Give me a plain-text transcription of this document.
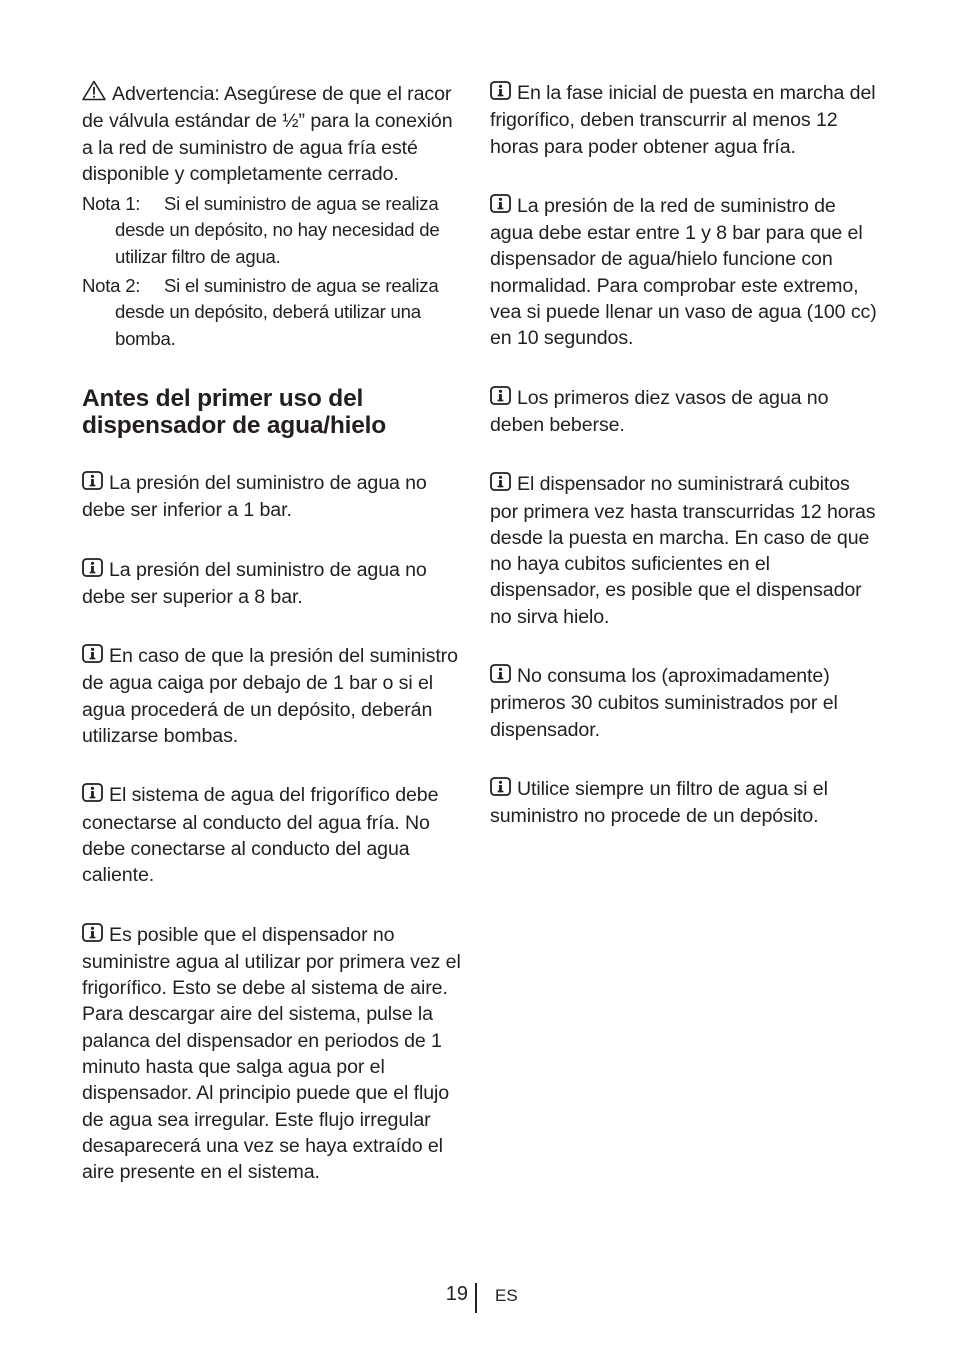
Advertencia: Asegúrese de que el racor de válvula estándar de ½” para la conexión a la red de suministro de agua fría esté disponible y completamente cerrado.

Nota 1:	Si el suministro de agua se realiza desde un depósito, no hay necesidad de utilizar filtro de agua.
Nota 2:	Si el suministro de agua se realiza desde un depósito, deberá utilizar una bomba.
Antes del primer uso del dispensador de agua/hielo

La presión del suministro de agua no debe ser inferior a 1 bar.

La presión del suministro de agua no debe ser superior a 8 bar.

En caso de que la presión del suministro de agua caiga por debajo de 1 bar o si el agua procederá de un depósito, deberán utilizarse bombas.

El sistema de agua del frigorífico debe conectarse al conducto del agua fría. No debe conectarse al conducto del agua caliente.

Es posible que el dispensador no suministre agua al utilizar por primera vez el frigorífico. Esto se debe al sistema de aire. Para descargar aire del sistema, pulse la palanca del dispensador en periodos de 1 minuto hasta que salga agua por el dispensador. Al principio puede que el flujo de agua sea irregular. Este flujo irregular desaparecerá una vez se haya extraído el aire presente en el sistema.

En la fase inicial de puesta en marcha del frigorífico, deben transcurrir al menos 12 horas para poder obtener agua fría.

La presión de la red de suministro de agua debe estar entre 1 y 8 bar para que el dispensador de agua/hielo funcione con normalidad. Para comprobar este extremo, vea si puede llenar un vaso de agua (100 cc) en 10 segundos.

Los primeros diez vasos de agua no deben beberse.

El dispensador no suministrará cubitos por primera vez hasta transcurridas 12 horas desde la puesta en marcha. En caso de que no haya cubitos suficientes en el dispensador, es posible que el dispensador no sirva hielo.

No consuma los (aproximadamente) primeros 30 cubitos suministrados por el dispensador.

Utilice siempre un filtro de agua si el suministro no procede de un depósito.

19 ES
